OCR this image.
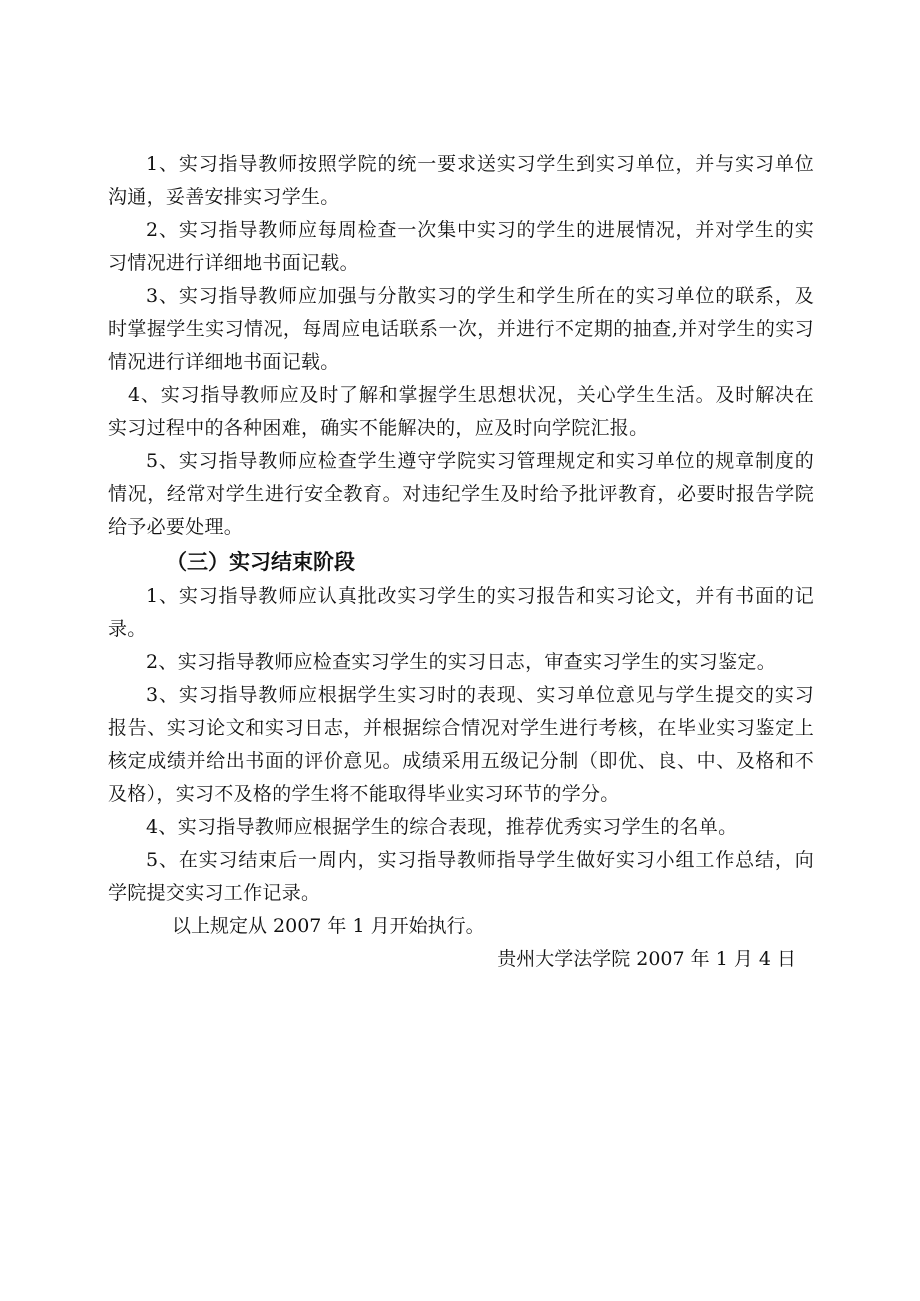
1、实习指导教师按照学院的统一要求送实习学生到实习单位，并与实习单位沟通，妥善安排实习学生。

2、实习指导教师应每周检查一次集中实习的学生的进展情况，并对学生的实习情况进行详细地书面记载。

3、实习指导教师应加强与分散实习的学生和学生所在的实习单位的联系，及时掌握学生实习情况，每周应电话联系一次，并进行不定期的抽查,并对学生的实习情况进行详细地书面记载。

4、实习指导教师应及时了解和掌握学生思想状况，关心学生生活。及时解决在实习过程中的各种困难，确实不能解决的，应及时向学院汇报。

5、实习指导教师应检查学生遵守学院实习管理规定和实习单位的规章制度的情况，经常对学生进行安全教育。对违纪学生及时给予批评教育，必要时报告学院给予必要处理。

（三）实习结束阶段

1、实习指导教师应认真批改实习学生的实习报告和实习论文，并有书面的记录。

2、实习指导教师应检查实习学生的实习日志，审查实习学生的实习鉴定。

3、实习指导教师应根据学生实习时的表现、实习单位意见与学生提交的实习报告、实习论文和实习日志，并根据综合情况对学生进行考核，在毕业实习鉴定上核定成绩并给出书面的评价意见。成绩采用五级记分制（即优、良、中、及格和不及格），实习不及格的学生将不能取得毕业实习环节的学分。

4、实习指导教师应根据学生的综合表现，推荐优秀实习学生的名单。

5、在实习结束后一周内，实习指导教师指导学生做好实习小组工作总结，向学院提交实习工作记录。

以上规定从 2007 年 1 月开始执行。

贵州大学法学院 2007 年 1 月 4 日
